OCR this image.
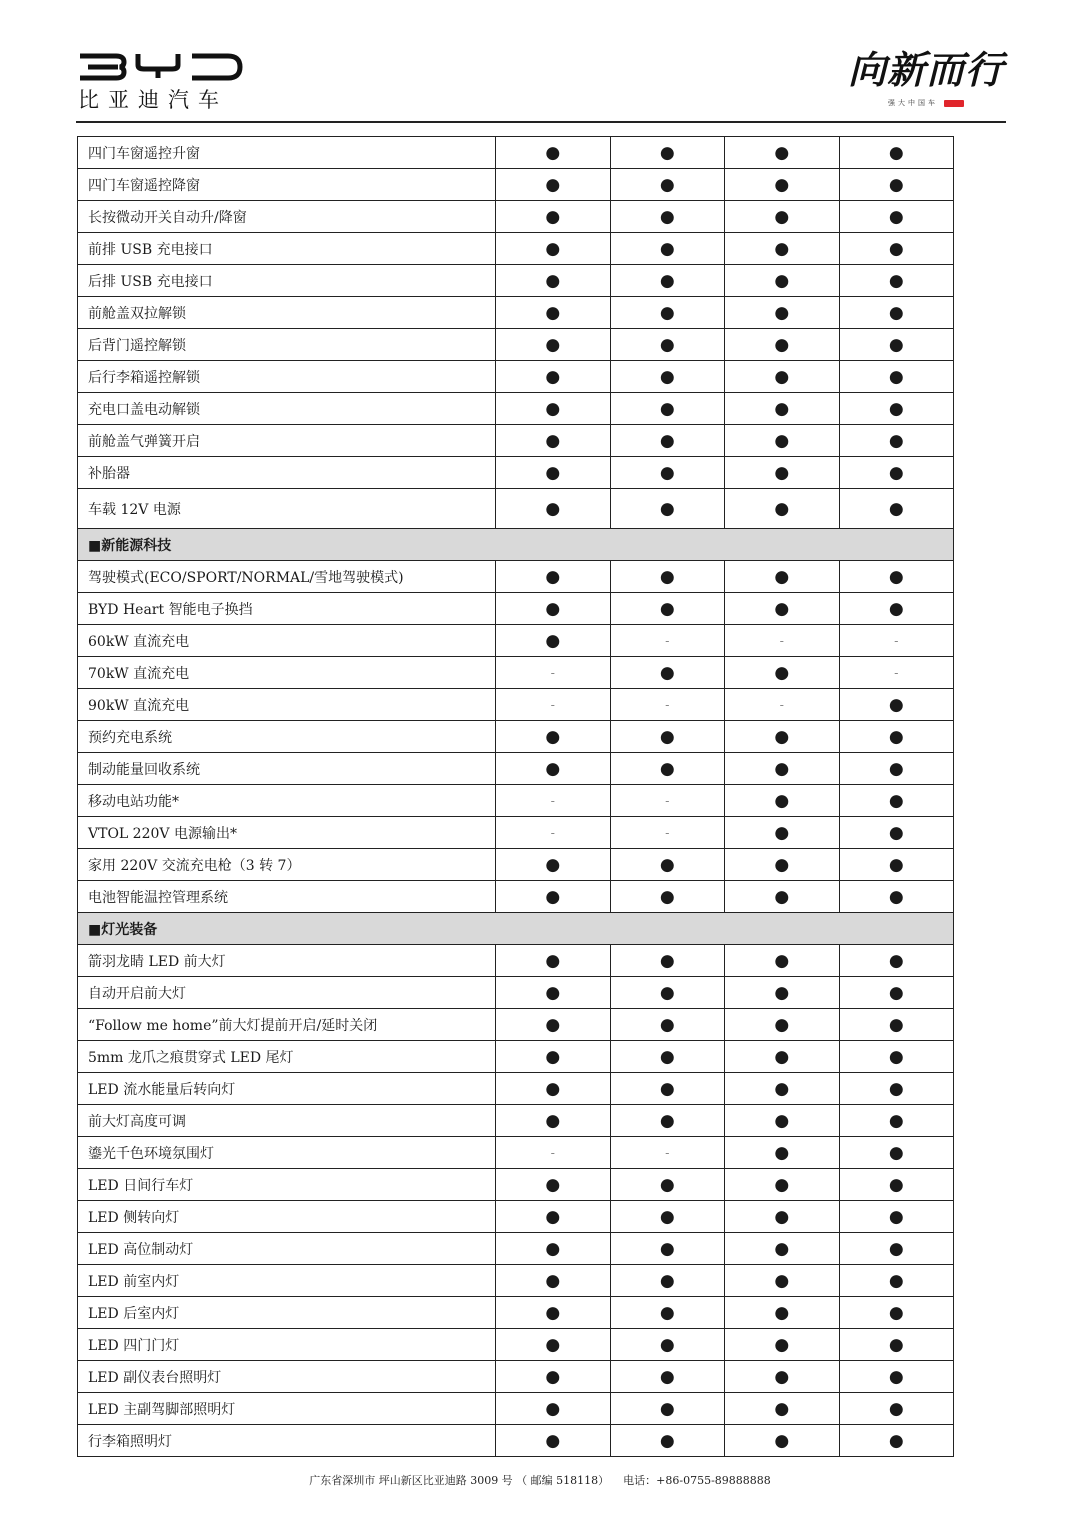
比亚迪汽车
向新而行
强大中国车
四门车窗遥控升窗	●	●	●	●
四门车窗遥控降窗	●	●	●	●
长按微动开关自动升/降窗	●	●	●	●
前排 USB 充电接口	●	●	●	●
后排 USB 充电接口	●	●	●	●
前舱盖双拉解锁	●	●	●	●
后背门遥控解锁	●	●	●	●
后行李箱遥控解锁	●	●	●	●
充电口盖电动解锁	●	●	●	●
前舱盖气弹簧开启	●	●	●	●
补胎器	●	●	●	●
车载 12V 电源	●	●	●	●
■新能源科技				
驾驶模式(ECO/SPORT/NORMAL/雪地驾驶模式)	●	●	●	●
BYD Heart 智能电子换挡	●	●	●	●
60kW 直流充电	●	-	-	-
70kW 直流充电	-	●	●	-
90kW 直流充电	-	-	-	●
预约充电系统	●	●	●	●
制动能量回收系统	●	●	●	●
移动电站功能*	-	-	●	●
VTOL 220V 电源输出*	-	-	●	●
家用 220V 交流充电枪（3 转 7）	●	●	●	●
电池智能温控管理系统	●	●	●	●
■灯光装备				
箭羽龙睛 LED 前大灯	●	●	●	●
自动开启前大灯	●	●	●	●
“Follow me home”前大灯提前开启/延时关闭	●	●	●	●
5mm 龙爪之痕贯穿式 LED 尾灯	●	●	●	●
LED 流水能量后转向灯	●	●	●	●
前大灯高度可调	●	●	●	●
鎏光千色环境氛围灯	-	-	●	●
LED 日间行车灯	●	●	●	●
LED 侧转向灯	●	●	●	●
LED 高位制动灯	●	●	●	●
LED 前室内灯	●	●	●	●
LED 后室内灯	●	●	●	●
LED 四门门灯	●	●	●	●
LED 副仪表台照明灯	●	●	●	●
LED 主副驾脚部照明灯	●	●	●	●
行李箱照明灯	●	●	●	●
广东省深圳市 坪山新区比亚迪路 3009 号 （ 邮编 518118）    电话：+86-0755-89888888
